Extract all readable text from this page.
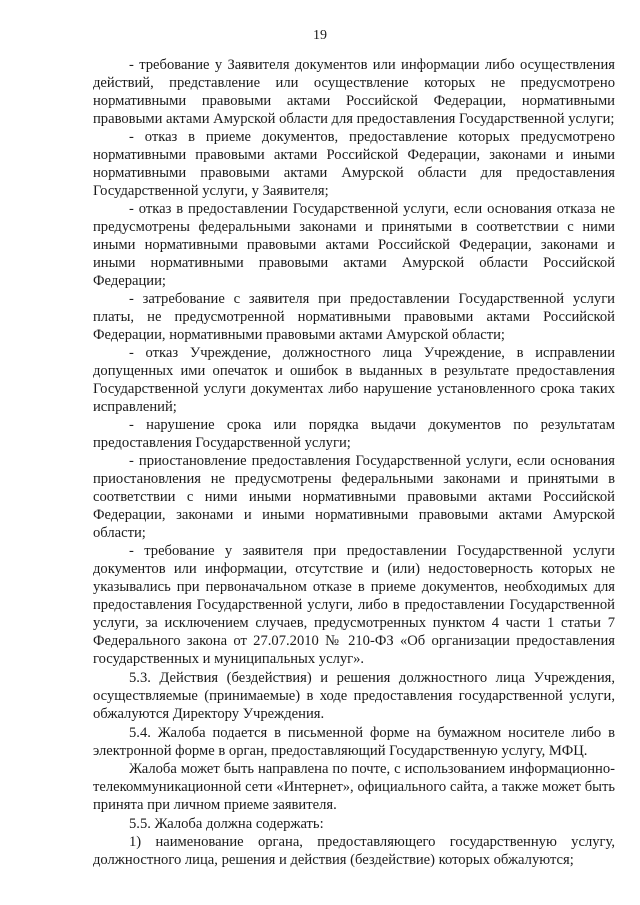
19

- требование у Заявителя документов или информации либо осуществления действий, представление или осуществление которых не предусмотрено нормативными правовыми актами Российской Федерации, нормативными правовыми актами Амурской области для предоставления Государственной услуги;

- отказ в приеме документов, предоставление которых предусмотрено нормативными правовыми актами Российской Федерации, законами и иными нормативными правовыми актами Амурской области для предоставления Государственной услуги, у Заявителя;

- отказ в предоставлении Государственной услуги, если основания отказа не предусмотрены федеральными законами и принятыми в соответствии с ними иными нормативными правовыми актами Российской Федерации, законами и иными нормативными правовыми актами Амурской области Российской Федерации;

- затребование с заявителя при предоставлении Государственной услуги платы, не предусмотренной нормативными правовыми актами Российской Федерации, нормативными правовыми актами Амурской области;

- отказ Учреждение, должностного лица Учреждение, в исправлении допущенных ими опечаток и ошибок в выданных в результате предоставления Государственной услуги документах либо нарушение установленного срока таких исправлений;

- нарушение срока или порядка выдачи документов по результатам предоставления Государственной услуги;

- приостановление предоставления Государственной услуги, если основания приостановления не предусмотрены федеральными законами и принятыми в соответствии с ними иными нормативными правовыми актами Российской Федерации, законами и иными нормативными правовыми актами Амурской области;

- требование у заявителя при предоставлении Государственной услуги документов или информации, отсутствие и (или) недостоверность которых не указывались при первоначальном отказе в приеме документов, необходимых для предоставления Государственной услуги, либо в предоставлении Государственной услуги, за исключением случаев, предусмотренных пунктом 4 части 1 статьи 7 Федерального закона от 27.07.2010 № 210-ФЗ «Об организации предоставления государственных и муниципальных услуг».

5.3. Действия (бездействия) и решения должностного лица Учреждения, осуществляемые (принимаемые) в ходе предоставления государственной услуги, обжалуются Директору Учреждения.

5.4. Жалоба подается в письменной форме на бумажном носителе либо в электронной форме в орган, предоставляющий Государственную услугу, МФЦ.

Жалоба может быть направлена по почте, с использованием информационно-телекоммуникационной сети «Интернет», официального сайта, а также может быть принята при личном приеме заявителя.

5.5. Жалоба должна содержать:

1) наименование органа, предоставляющего государственную услугу, должностного лица, решения и действия (бездействие) которых обжалуются;
